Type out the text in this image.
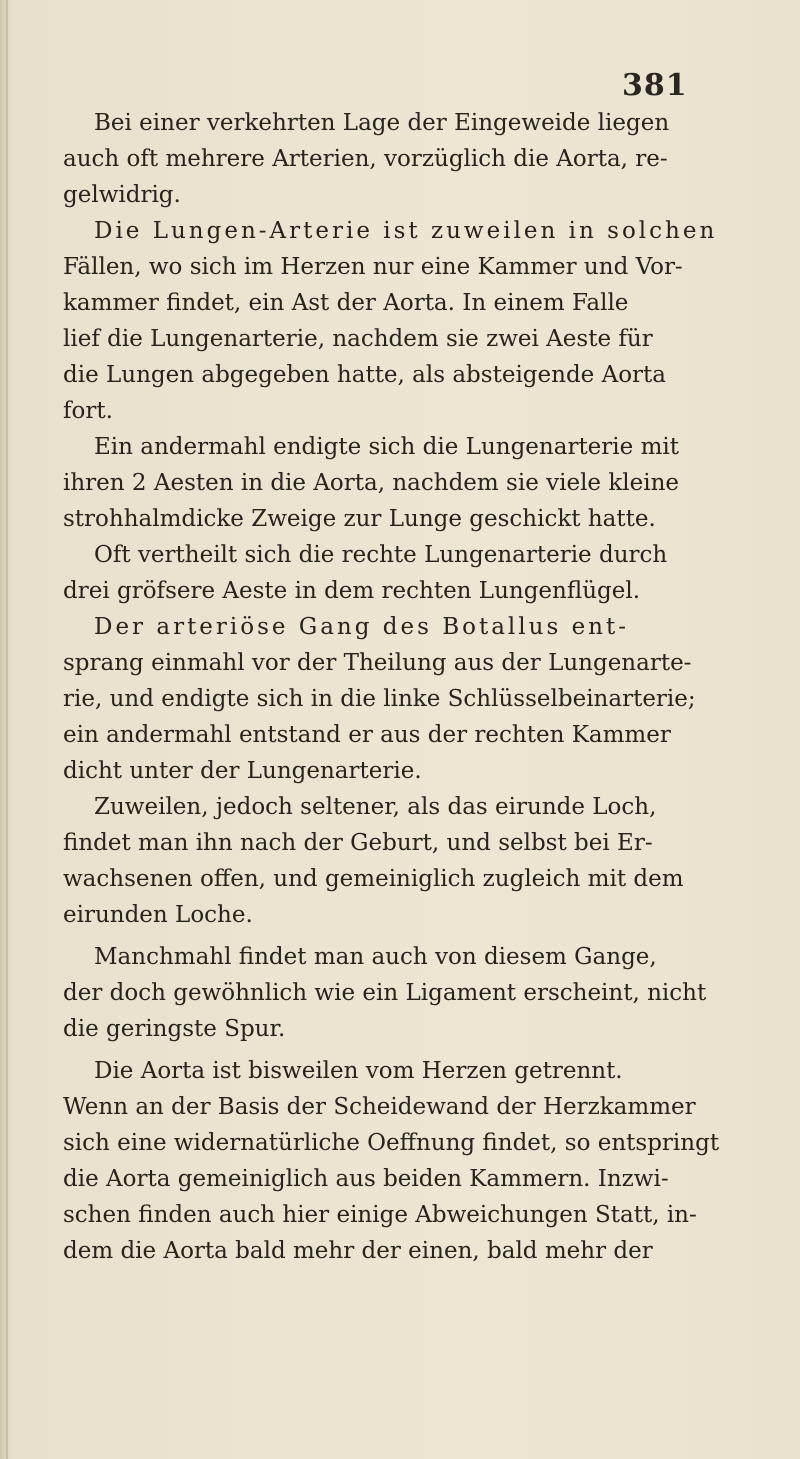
381
Bei einer verkehrten Lage der Eingeweide liegen
auch oft mehrere Arterien, vorzüglich die Aorta, re-
gelwidrig.
Die Lungen-Arterie ist zuweilen in solchen
Fällen, wo sich im Herzen nur eine Kammer und Vor-
kammer findet, ein Ast der Aorta. In einem Falle
lief die Lungenarterie, nachdem sie zwei Aeste für
die Lungen abgegeben hatte, als absteigende Aorta
fort.
Ein andermahl endigte sich die Lungenarterie mit
ihren 2 Aesten in die Aorta, nachdem sie viele kleine
strohhalmdicke Zweige zur Lunge geschickt hatte.
Oft vertheilt sich die rechte Lungenarterie durch
drei gröfsere Aeste in dem rechten Lungenflügel.
Der arteriöse Gang des Botallus ent-
sprang einmahl vor der Theilung aus der Lungenarte-
rie, und endigte sich in die linke Schlüsselbeinarterie;
ein andermahl entstand er aus der rechten Kammer
dicht unter der Lungenarterie.
Zuweilen, jedoch seltener, als das eirunde Loch,
findet man ihn nach der Geburt, und selbst bei Er-
wachsenen offen, und gemeiniglich zugleich mit dem
eirunden Loche.
Manchmahl findet man auch von diesem Gange,
der doch gewöhnlich wie ein Ligament erscheint, nicht
die geringste Spur.
Die Aorta ist bisweilen vom Herzen getrennt.
Wenn an der Basis der Scheidewand der Herzkammer
sich eine widernatürliche Oeffnung findet, so entspringt
die Aorta gemeiniglich aus beiden Kammern. Inzwi-
schen finden auch hier einige Abweichungen Statt, in-
dem die Aorta bald mehr der einen, bald mehr der
